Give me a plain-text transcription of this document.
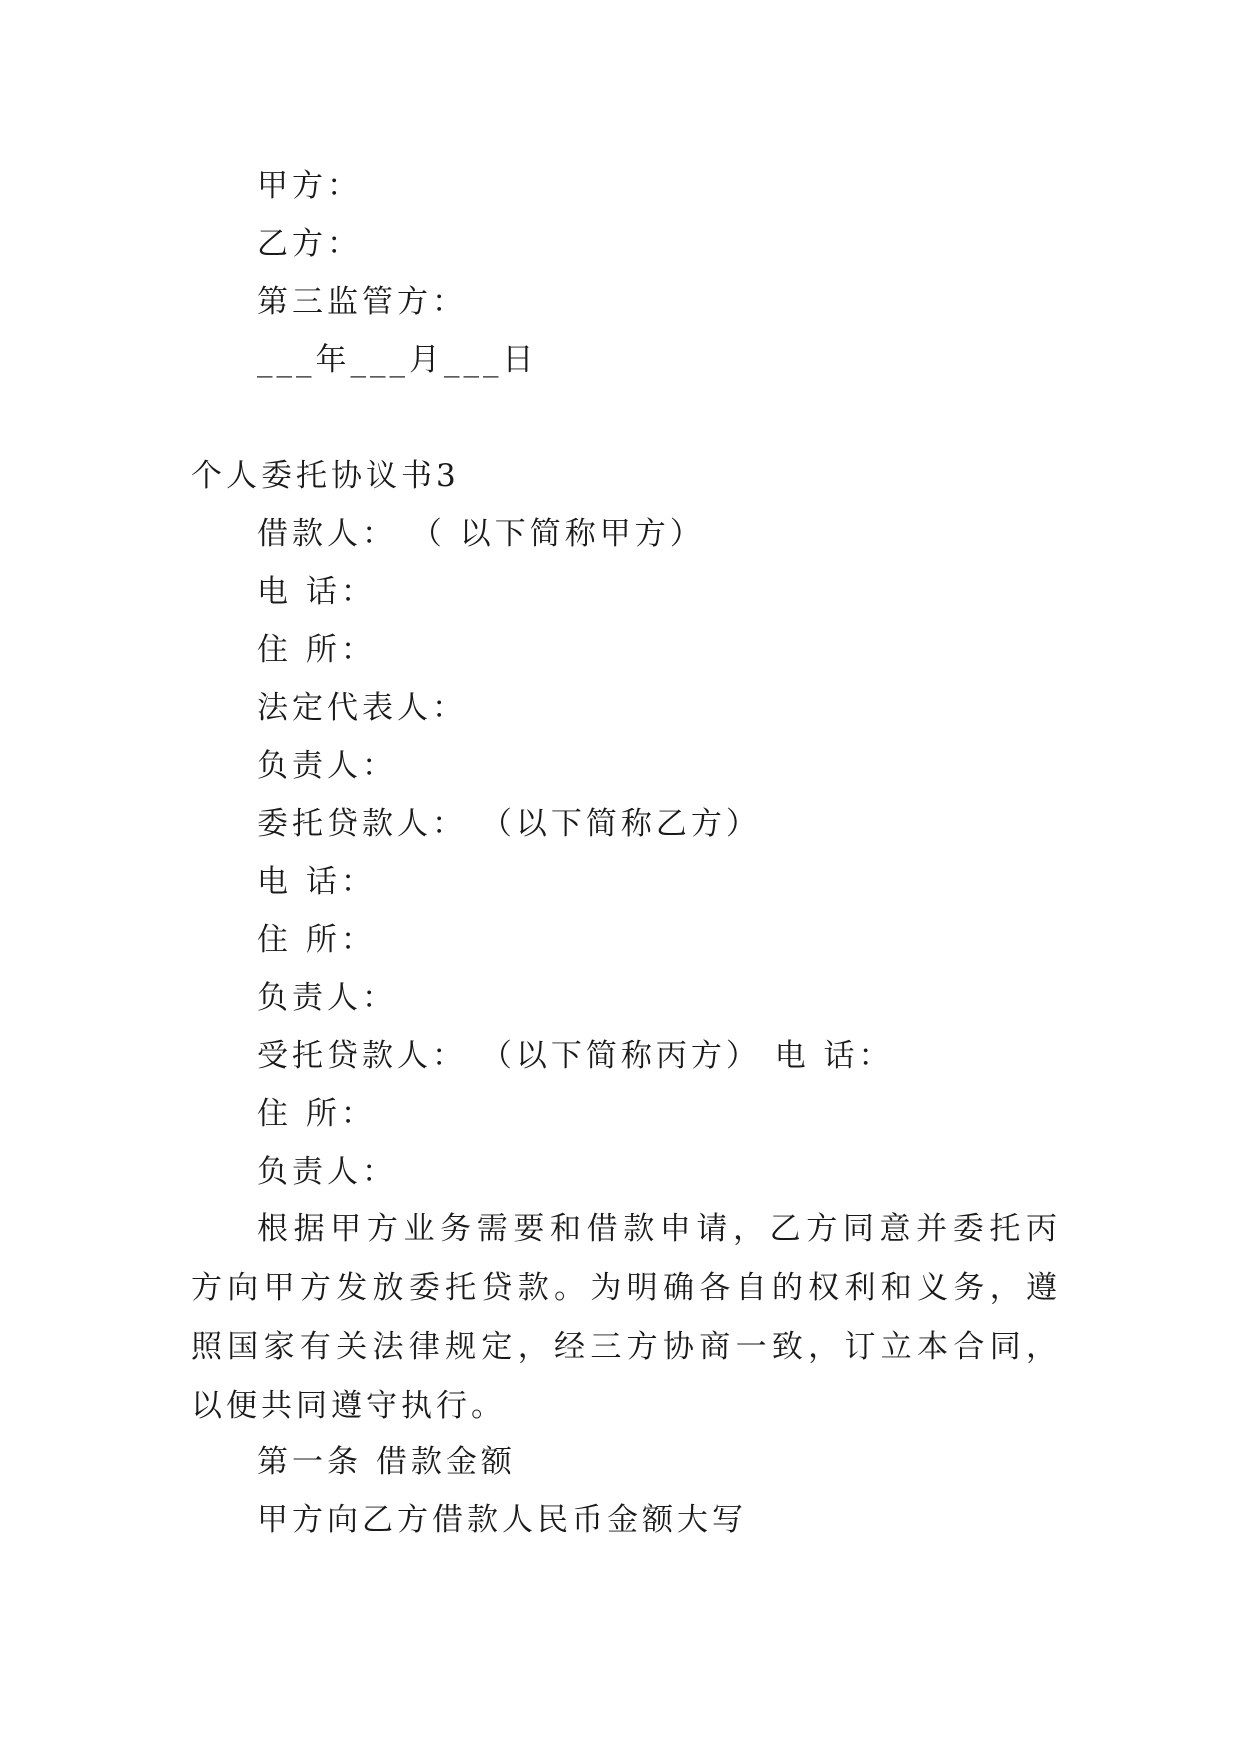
甲方：

乙方：

第三监管方：

___年___月___日

个人委托协议书3

借款人： （ 以下简称甲方）

电 话：

住 所：

法定代表人：

负责人：

委托贷款人： （以下简称乙方）

电 话：

住 所：

负责人：

受托贷款人： （以下简称丙方） 电 话：

住 所：

负责人：

根据甲方业务需要和借款申请，乙方同意并委托丙方向甲方发放委托贷款。为明确各自的权利和义务，遵照国家有关法律规定，经三方协商一致，订立本合同，以便共同遵守执行。

第一条 借款金额

甲方向乙方借款人民币金额大写
